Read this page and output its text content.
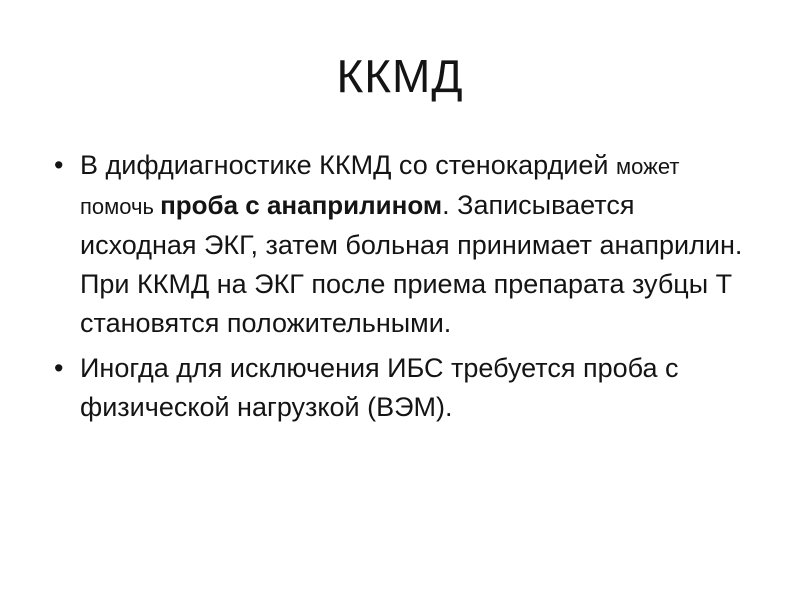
ККМД
• В дифдиагностике ККМД со стенокардией может помочь проба с анаприлином. Записывается исходная ЭКГ, затем больная принимает анаприлин. При ККМД на ЭКГ после приема препарата зубцы Т становятся положительными.
• Иногда для исключения ИБС требуется проба с физической нагрузкой (ВЭМ).
